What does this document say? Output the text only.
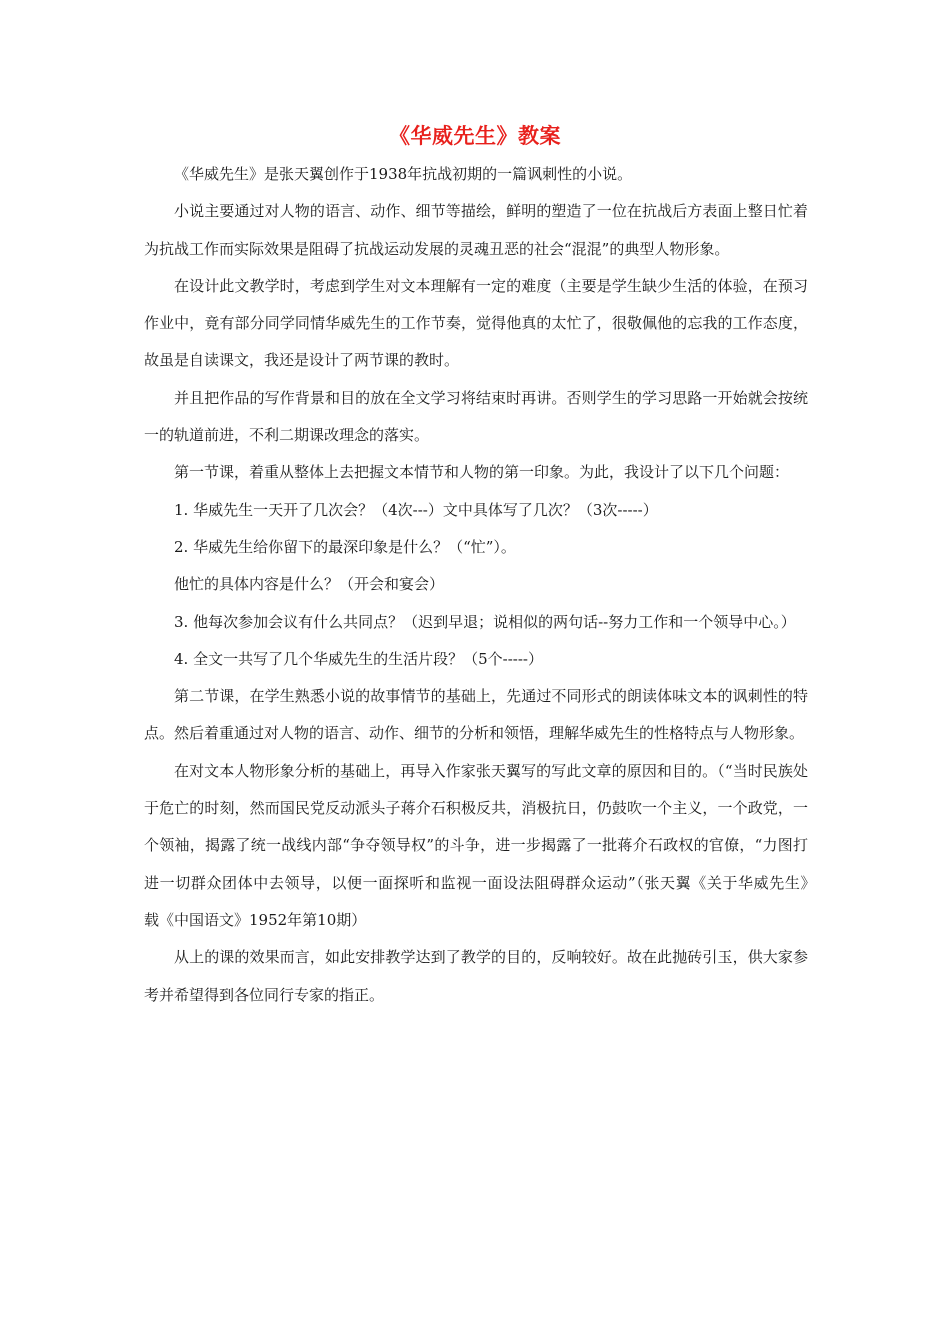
《华威先生》教案

《华威先生》是张天翼创作于1938年抗战初期的一篇讽刺性的小说。

小说主要通过对人物的语言、动作、细节等描绘，鲜明的塑造了一位在抗战后方表面上整日忙着为抗战工作而实际效果是阻碍了抗战运动发展的灵魂丑恶的社会“混混”的典型人物形象。

在设计此文教学时，考虑到学生对文本理解有一定的难度（主要是学生缺少生活的体验，在预习作业中，竟有部分同学同情华威先生的工作节奏，觉得他真的太忙了，很敬佩他的忘我的工作态度，故虽是自读课文，我还是设计了两节课的教时。

并且把作品的写作背景和目的放在全文学习将结束时再讲。否则学生的学习思路一开始就会按统一的轨道前进，不利二期课改理念的落实。

第一节课，着重从整体上去把握文本情节和人物的第一印象。为此，我设计了以下几个问题：

1. 华威先生一天开了几次会？（4次---）文中具体写了几次？（3次-----）

2. 华威先生给你留下的最深印象是什么？（“忙”）。

他忙的具体内容是什么？（开会和宴会）

3. 他每次参加会议有什么共同点？（迟到早退；说相似的两句话--努力工作和一个领导中心。）

4. 全文一共写了几个华威先生的生活片段？（5个-----）

第二节课，在学生熟悉小说的故事情节的基础上，先通过不同形式的朗读体味文本的讽刺性的特点。然后着重通过对人物的语言、动作、细节的分析和领悟，理解华威先生的性格特点与人物形象。

在对文本人物形象分析的基础上，再导入作家张天翼写的写此文章的原因和目的。（“当时民族处于危亡的时刻，然而国民党反动派头子蒋介石积极反共，消极抗日，仍鼓吹一个主义，一个政党，一个领袖，揭露了统一战线内部“争夺领导权”的斗争，进一步揭露了一批蒋介石政权的官僚，“力图打进一切群众团体中去领导，以便一面探听和监视一面设法阻碍群众运动”（张天翼《关于华威先生》　载《中国语文》1952年第10期）

从上的课的效果而言，如此安排教学达到了教学的目的，反响较好。故在此抛砖引玉，供大家参考并希望得到各位同行专家的指正。
